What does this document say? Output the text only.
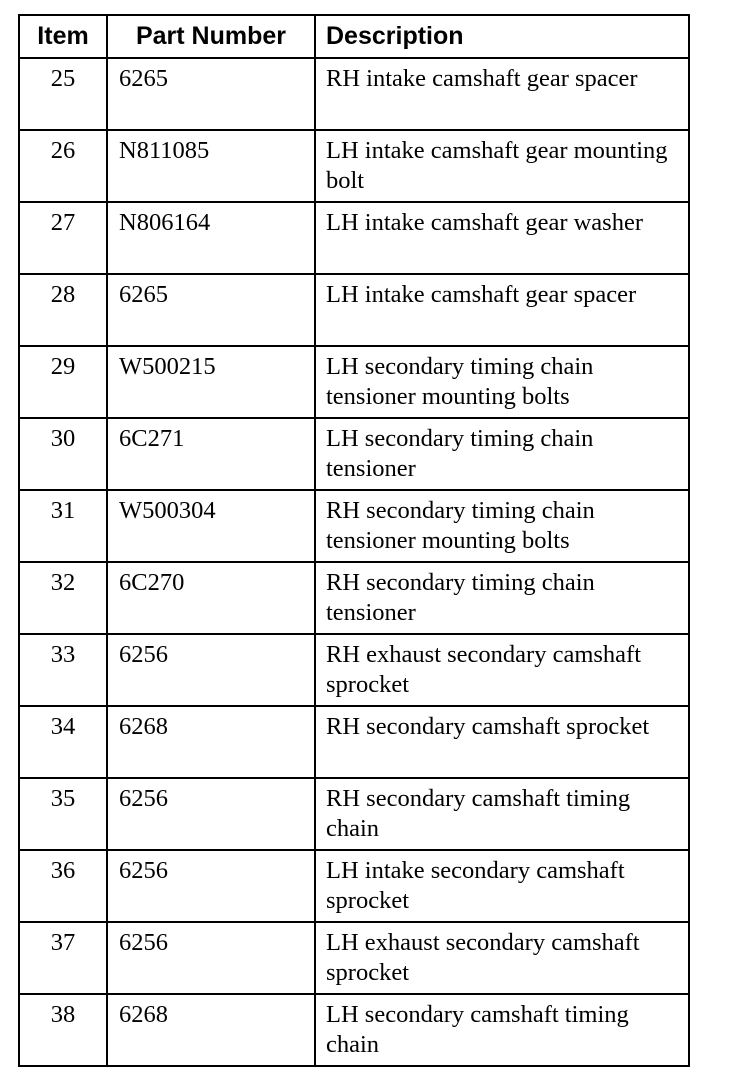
Item	Part Number	Description
25	6265	RH intake camshaft gear spacer
26	N811085	LH intake camshaft gear mounting bolt
27	N806164	LH intake camshaft gear washer
28	6265	LH intake camshaft gear spacer
29	W500215	LH secondary timing chain tensioner mounting bolts
30	6C271	LH secondary timing chain tensioner
31	W500304	RH secondary timing chain tensioner mounting bolts
32	6C270	RH secondary timing chain tensioner
33	6256	RH exhaust secondary camshaft sprocket
34	6268	RH secondary camshaft sprocket
35	6256	RH secondary camshaft timing chain
36	6256	LH intake secondary camshaft sprocket
37	6256	LH exhaust secondary camshaft sprocket
38	6268	LH secondary camshaft timing chain
